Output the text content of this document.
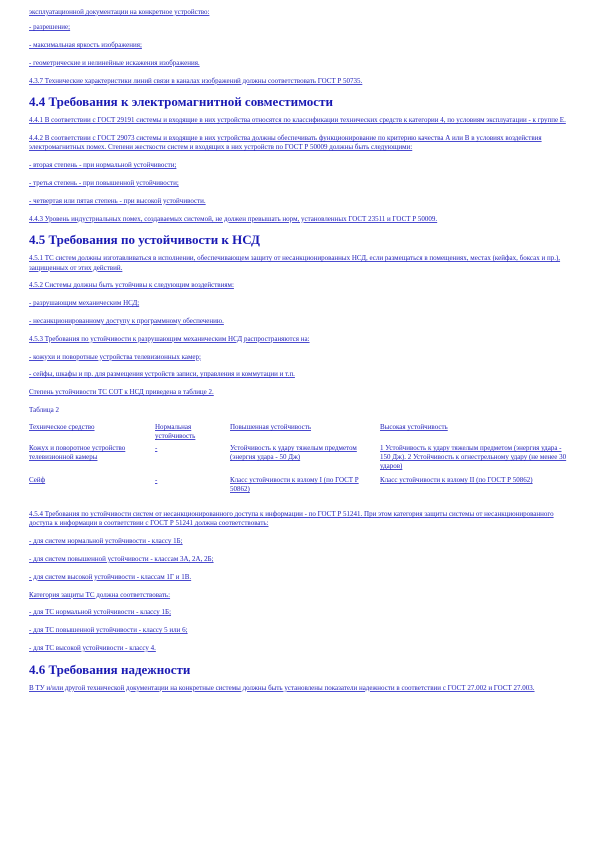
эксплуатационной документации на конкретное устройство:
- разрешение;
- максимальная яркость изображения;
- геометрические и нелинейные искажения изображения.
4.3.7 Технические характеристики линий связи в каналах изображений должны соответствовать ГОСТ Р 50735.
4.4 Требования к электромагнитной совместимости
4.4.1 В соответствии с ГОСТ 29191 системы и входящие в них устройства относятся по классификации технических средств к категории 4, по условиям эксплуатации - к группе Е.
4.4.2 В соответствии с ГОСТ 29073 системы и входящие в них устройства должны обеспечивать функционирование по критерию качества А или В в условиях воздействия электромагнитных помех. Степени жесткости систем и входящих в них устройств по ГОСТ Р 50009 должны быть следующими:
- вторая степень - при нормальной устойчивости;
- третья степень - при повышенной устойчивости;
- четвертая или пятая степень - при высокой устойчивости.
4.4.3 Уровень индустриальных помех, создаваемых системой, не должен превышать норм, установленных ГОСТ 23511 и ГОСТ Р 50009.
4.5 Требования по устойчивости к НСД
4.5.1 ТС систем должны изготавливаться в исполнении, обеспечивающем защиту от несанкционированных НСД, если размещаться в помещениях, местах (кейфах, боксах и пр.), защищенных от этих действий.
4.5.2 Системы должны быть устойчивы к следующим воздействиям:
- разрушающим механическим НСД;
- несанкционированному доступу к программному обеспечению.
4.5.3 Требования по устойчивости к разрушающим механическим НСД распространяются на:
- кожухи и поворотные устройства телевизионных камер;
- сейфы, шкафы и пр. для размещения устройств записи, управления и коммутации и т.п.
Степень устойчивости ТС СОТ к НСД приведена в таблице 2.
Таблица 2
Техническое средство	Нормальная устойчивость	Повышенная устойчивость	Высокая устойчивость
Кожух и поворотное устройство телевизионной камеры	-	Устойчивость к удару тяжелым предметом (энергия удара - 50 Дж)	1 Устойчивость к удару тяжелым предметом (энергия удара - 150 Дж). 2 Устойчивость к огнестрельному удару (не менее 30 ударов)
Сейф	-	Класс устойчивости к взлому I (по ГОСТ Р 50862)	Класс устойчивости к взлому II (по ГОСТ Р 50862)
4.5.4 Требования по устойчивости систем от несанкционированного доступа к информации - по ГОСТ Р 51241. При этом категория защиты системы от несанкционированного доступа к информации в соответствии с ГОСТ Р 51241 должна соответствовать:
- для систем нормальной устойчивости - классу 1Б;
- для систем повышенной устойчивости - классам 3А, 2А, 2Б;
- для систем высокой устойчивости - классам 1Г и 1В.
Категория защиты ТС должна соответствовать:
- для ТС нормальной устойчивости - классу 1Б;
- для ТС повышенной устойчивости - классу 5 или 6;
- для ТС высокой устойчивости - классу 4.
4.6 Требования надежности
В ТУ и/или другой технической документации на конкретные системы должны быть установлены показатели надежности в соответствии с ГОСТ 27.002 и ГОСТ 27.003.
